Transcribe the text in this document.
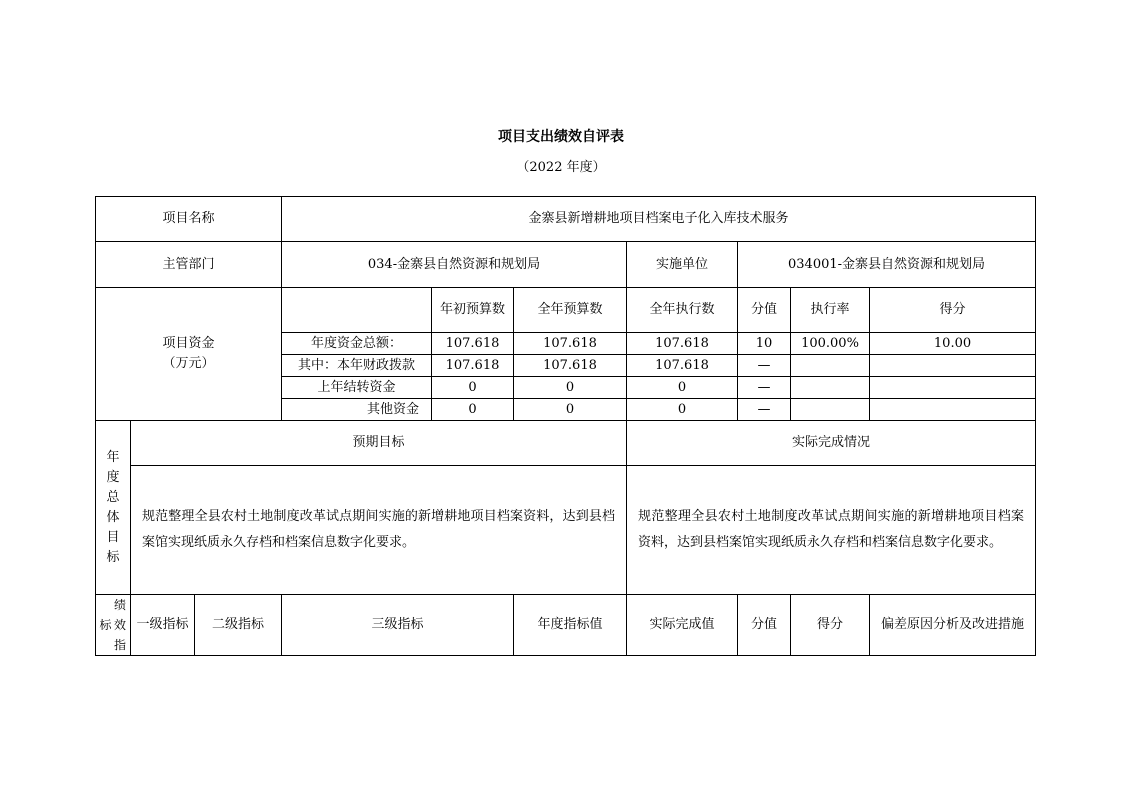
项目支出绩效自评表
（2022 年度）
项目名称			金寨县新增耕地项目档案电子化入库技术服务						
主管部门			034-金寨县自然资源和规划局			实施单位	034001-金寨县自然资源和规划局		

项目资金
（万元）				年初预算数	全年预算数	全年执行数	分值	执行率	得分
			年度资金总额：	107.618	107.618	107.618	10	100.00%	10.00
			其中：本年财政拨款	107.618	107.618	107.618	—		
			上年结转资金	0	0	0	—		
			其他资金	0	0	0	—		
年度总体目标	预期目标					实际完成情况			

	规范整理全县农村土地制度改革试点期间实施的新增耕地项目档案资料，达到县档案馆实现纸质永久存档和档案信息数字化要求。					规范整理全县农村土地制度改革试点期间实施的新增耕地项目档案资料，达到县档案馆实现纸质永久存档和档案信息数字化要求。			

标
绩效指	一级指标	二级指标	三级指标		年度指标值	实际完成值	分值	得分	偏差原因分析及改进措施
